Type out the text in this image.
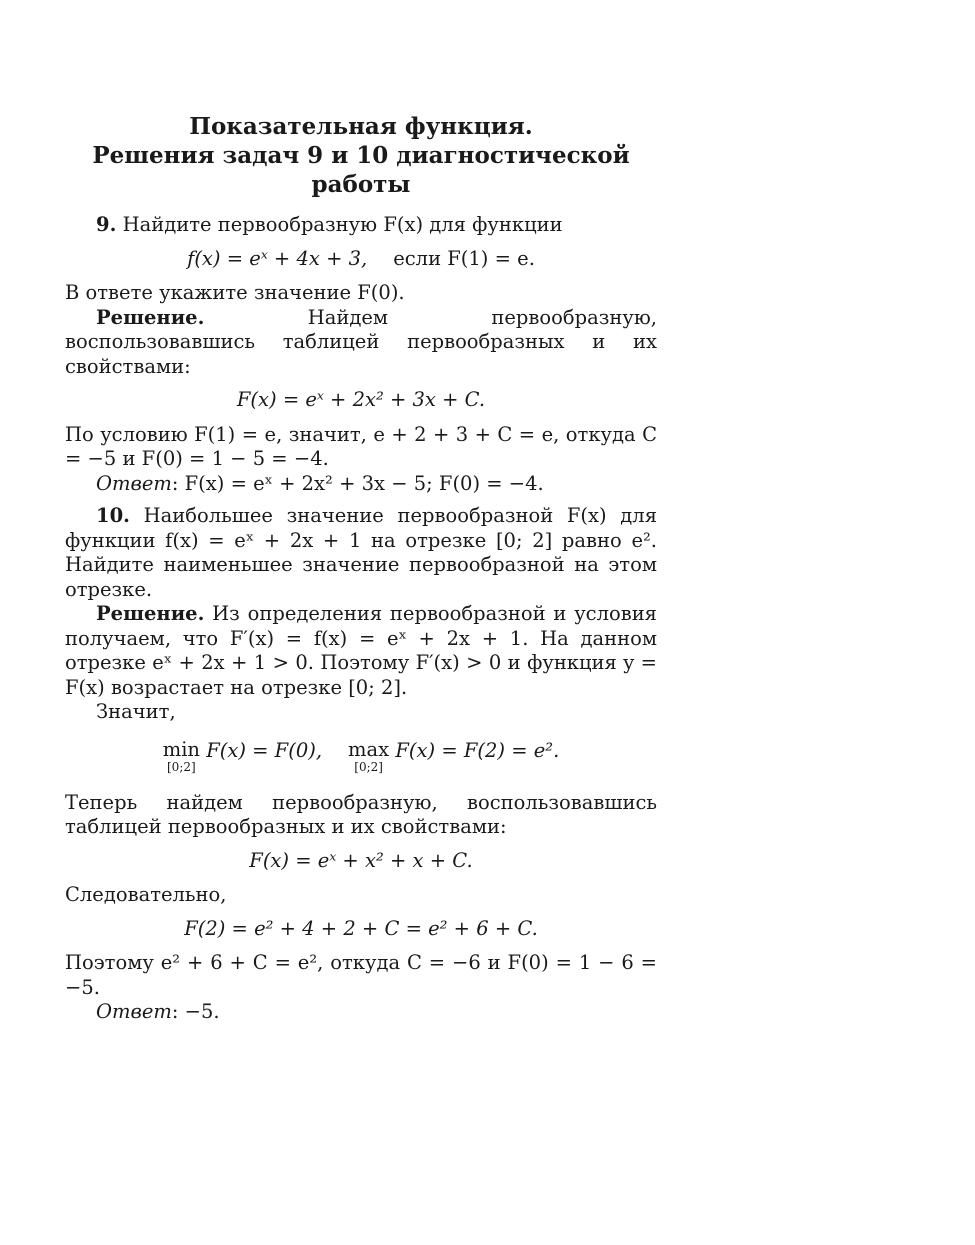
Показательная функция.
Решения задач 9 и 10 диагностической работы

9. Найдите первообразную F(x) для функции

f(x) = eˣ + 4x + 3, если F(1) = e.

В ответе укажите значение F(0).

Решение.	Найдем первообразную, воспользовавшись таблицей первообразных и их свойствами:

F(x) = eˣ + 2x² + 3x + C.

По условию F(1) = e, значит, e + 2 + 3 + C = e, откуда C = −5 и F(0) = 1 − 5 = −4.

Ответ: F(x) = eˣ + 2x² + 3x − 5; F(0) = −4.

10. Наибольшее значение первообразной F(x) для функции f(x) = eˣ + 2x + 1 на отрезке [0; 2] равно e². Найдите наименьшее значение первообразной на этом отрезке.

Решение. Из определения первообразной и условия получаем, что F′(x) = f(x) = eˣ + 2x + 1. На данном отрезке eˣ + 2x + 1 > 0. Поэтому F′(x) > 0 и функция y = F(x) возрастает на отрезке [0; 2].

Значит,

min
[0;2]
F(x) = F(0), max
[0;2]
F(x) = F(2) = e².

Теперь найдем первообразную, воспользовавшись таблицей первообразных и их свойствами:

F(x) = eˣ + x² + x + C.

Следовательно,

F(2) = e² + 4 + 2 + C = e² + 6 + C.

Поэтому e² + 6 + C = e², откуда C = −6 и F(0) = 1 − 6 = −5.

Ответ: −5.
